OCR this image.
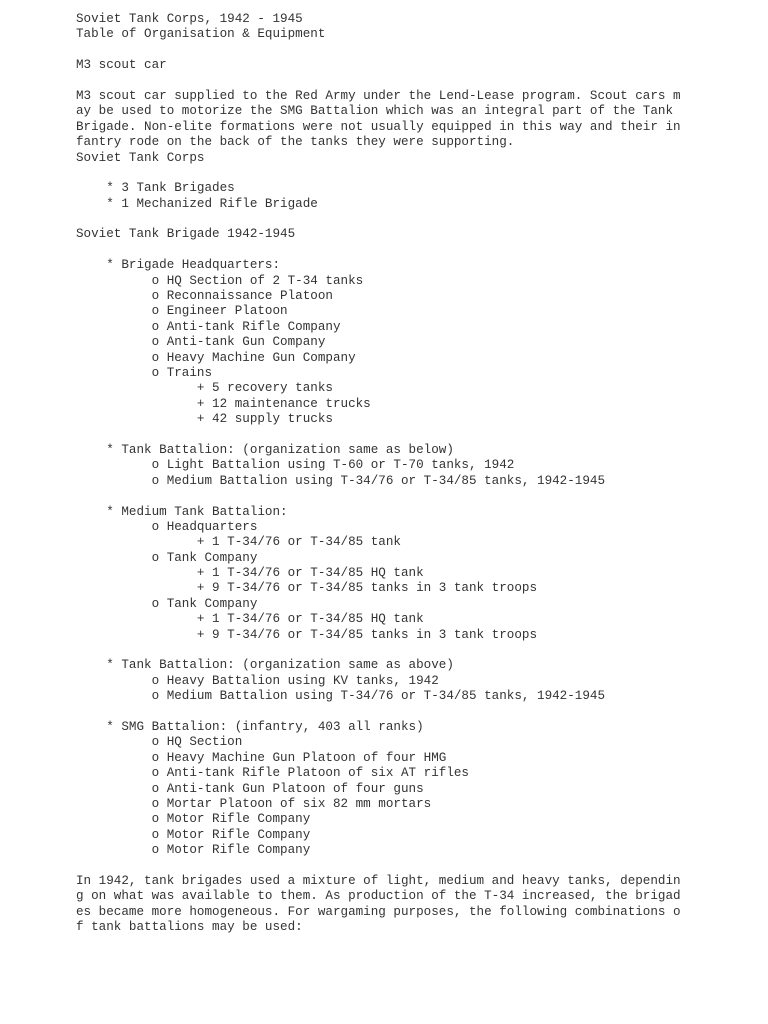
Soviet Tank Corps, 1942 - 1945
Table of Organisation & Equipment
M3 scout car
M3 scout car supplied to the Red Army under the Lend-Lease program. Scout cars m
ay be used to motorize the SMG Battalion which was an integral part of the Tank
Brigade. Non-elite formations were not usually equipped in this way and their in
fantry rode on the back of the tanks they were supporting.
Soviet Tank Corps
* 3 Tank Brigades
* 1 Mechanized Rifle Brigade
Soviet Tank Brigade 1942-1945
* Brigade Headquarters:
o HQ Section of 2 T-34 tanks
o Reconnaissance Platoon
o Engineer Platoon
o Anti-tank Rifle Company
o Anti-tank Gun Company
o Heavy Machine Gun Company
o Trains
+ 5 recovery tanks
+ 12 maintenance trucks
+ 42 supply trucks
* Tank Battalion: (organization same as below)
o Light Battalion using T-60 or T-70 tanks, 1942
o Medium Battalion using T-34/76 or T-34/85 tanks, 1942-1945
* Medium Tank Battalion:
o Headquarters
+ 1 T-34/76 or T-34/85 tank
o Tank Company
+ 1 T-34/76 or T-34/85 HQ tank
+ 9 T-34/76 or T-34/85 tanks in 3 tank troops
o Tank Company
+ 1 T-34/76 or T-34/85 HQ tank
+ 9 T-34/76 or T-34/85 tanks in 3 tank troops
* Tank Battalion: (organization same as above)
o Heavy Battalion using KV tanks, 1942
o Medium Battalion using T-34/76 or T-34/85 tanks, 1942-1945
* SMG Battalion: (infantry, 403 all ranks)
o HQ Section
o Heavy Machine Gun Platoon of four HMG
o Anti-tank Rifle Platoon of six AT rifles
o Anti-tank Gun Platoon of four guns
o Mortar Platoon of six 82 mm mortars
o Motor Rifle Company
o Motor Rifle Company
o Motor Rifle Company
In 1942, tank brigades used a mixture of light, medium and heavy tanks, dependin
g on what was available to them. As production of the T-34 increased, the brigad
es became more homogeneous. For wargaming purposes, the following combinations o
f tank battalions may be used:
